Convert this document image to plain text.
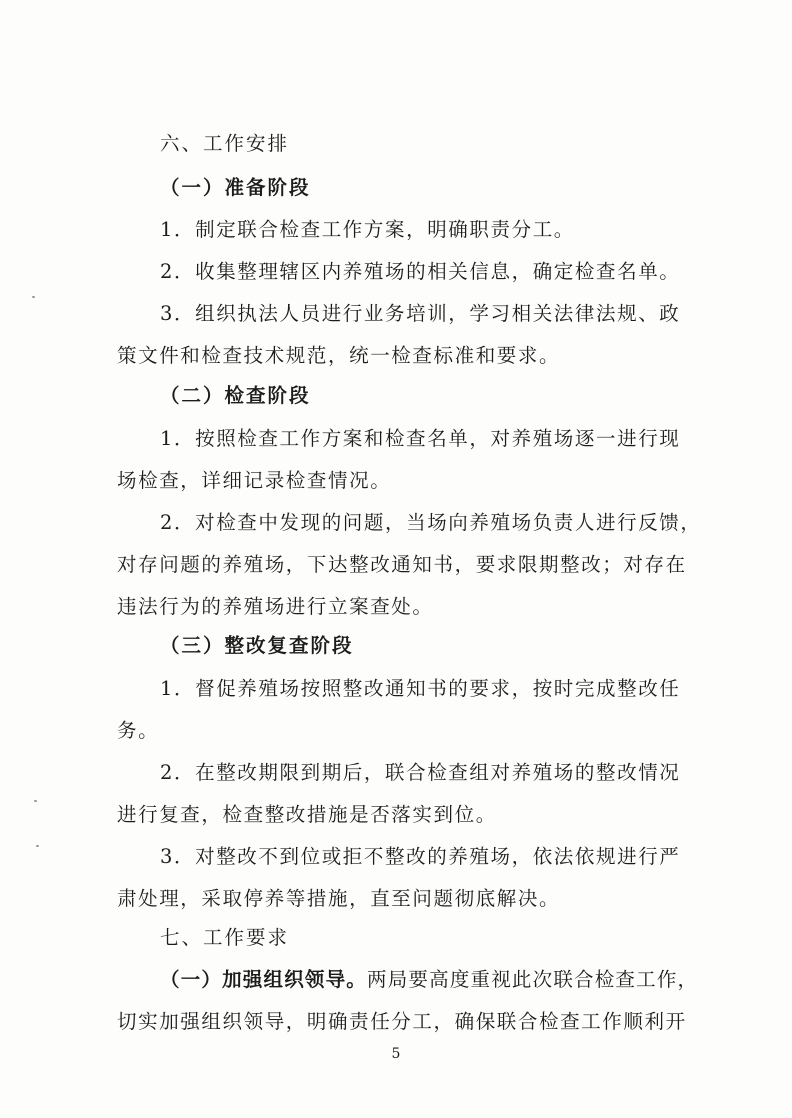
六、工作安排
（一）准备阶段
1．制定联合检查工作方案，明确职责分工。
2．收集整理辖区内养殖场的相关信息，确定检查名单。
3．组织执法人员进行业务培训，学习相关法律法规、政
策文件和检查技术规范，统一检查标准和要求。
（二）检查阶段
1．按照检查工作方案和检查名单，对养殖场逐一进行现
场检查，详细记录检查情况。
2．对检查中发现的问题，当场向养殖场负责人进行反馈，
对存问题的养殖场，下达整改通知书，要求限期整改；对存在
违法行为的养殖场进行立案查处。
（三）整改复查阶段
1．督促养殖场按照整改通知书的要求，按时完成整改任
务。
2．在整改期限到期后，联合检查组对养殖场的整改情况
进行复查，检查整改措施是否落实到位。
3．对整改不到位或拒不整改的养殖场，依法依规进行严
肃处理，采取停养等措施，直至问题彻底解决。
七、工作要求
（一）加强组织领导。两局要高度重视此次联合检查工作，
切实加强组织领导，明确责任分工，确保联合检查工作顺利开
5
